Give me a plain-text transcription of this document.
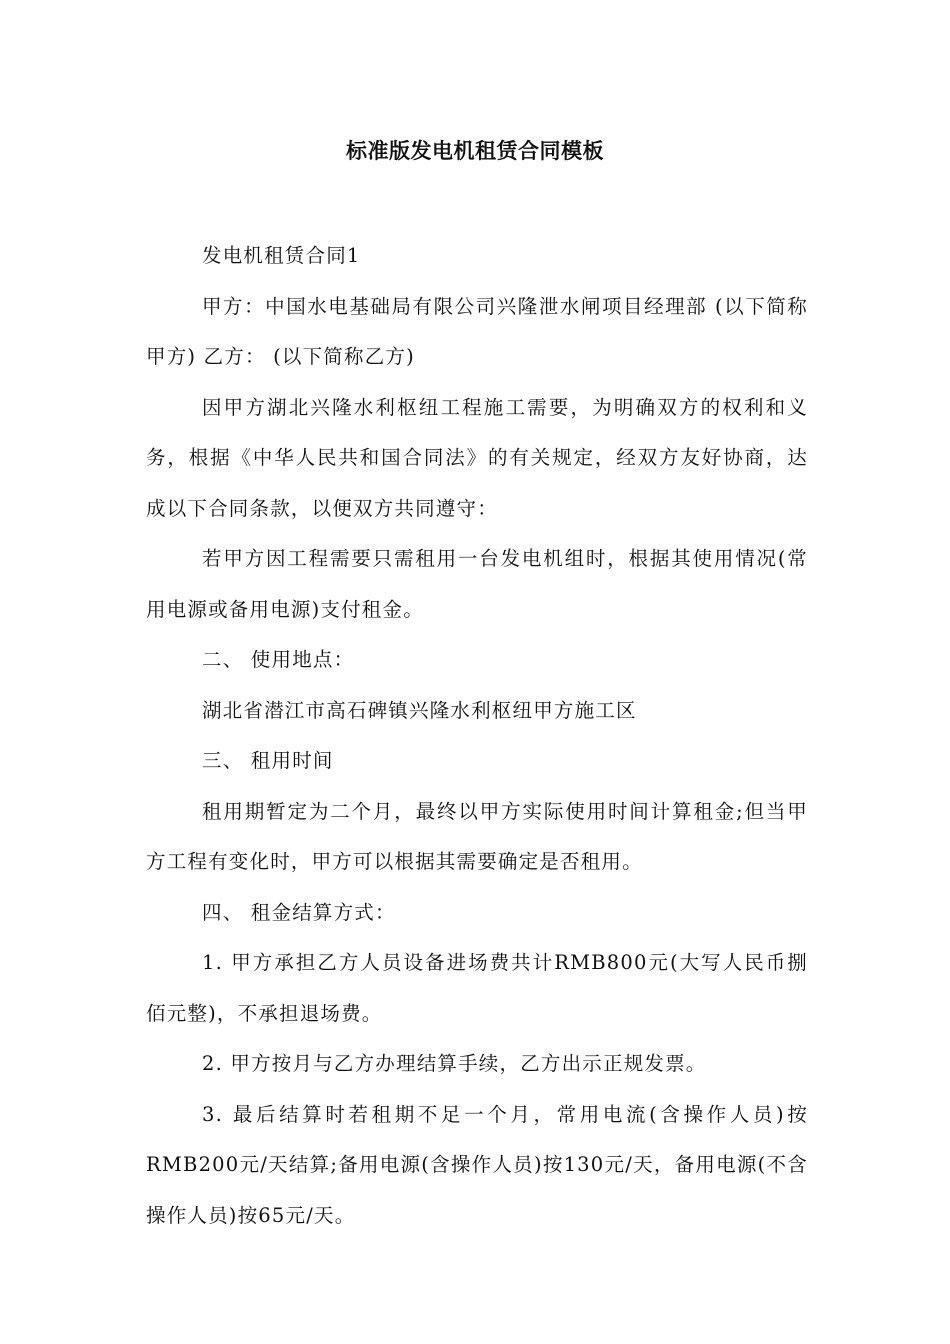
标准版发电机租赁合同模板

发电机租赁合同1

甲方：中国水电基础局有限公司兴隆泄水闸项目经理部 (以下简称甲方) 乙方： (以下简称乙方)

因甲方湖北兴隆水利枢纽工程施工需要，为明确双方的权利和义务，根据《中华人民共和国合同法》的有关规定，经双方友好协商，达成以下合同条款，以便双方共同遵守：

若甲方因工程需要只需租用一台发电机组时，根据其使用情况(常用电源或备用电源)支付租金。

二、 使用地点：

湖北省潜江市高石碑镇兴隆水利枢纽甲方施工区

三、 租用时间

租用期暂定为二个月，最终以甲方实际使用时间计算租金;但当甲方工程有变化时，甲方可以根据其需要确定是否租用。

四、 租金结算方式：

1. 甲方承担乙方人员设备进场费共计RMB800元(大写人民币捌佰元整)，不承担退场费。

2. 甲方按月与乙方办理结算手续，乙方出示正规发票。

3. 最后结算时若租期不足一个月，常用电流(含操作人员)按RMB200元/天结算;备用电源(含操作人员)按130元/天，备用电源(不含操作人员)按65元/天。
